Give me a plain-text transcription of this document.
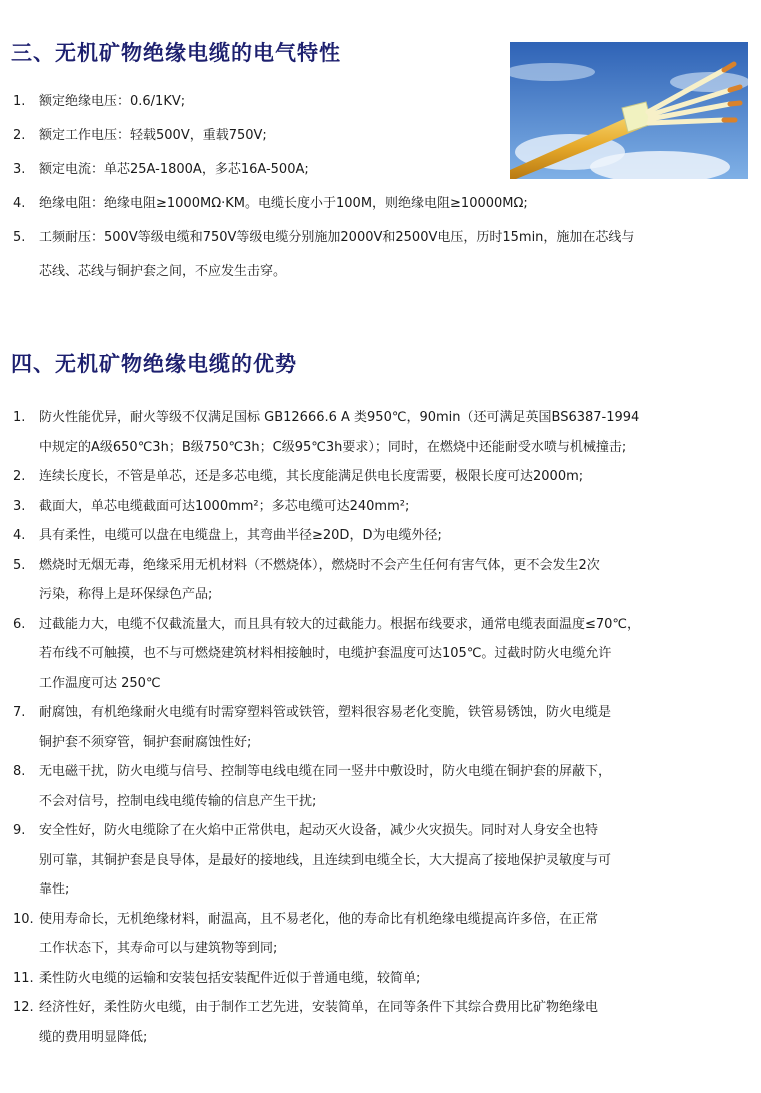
三、无机矿物绝缘电缆的电气特性
1. 额定绝缘电压：0.6/1KV;
2. 额定工作电压：轻载500V，重载750V;
3. 额定电流：单芯25A-1800A，多芯16A-500A;
4. 绝缘电阻：绝缘电阻≥1000MΩ·KM。电缆长度小于100M，则绝缘电阻≥10000MΩ;
5. 工频耐压：500V等级电缆和750V等级电缆分别施加2000V和2500V电压，历时15min，施加在芯线与
芯线、芯线与铜护套之间，不应发生击穿。
四、无机矿物绝缘电缆的优势
1. 防火性能优异，耐火等级不仅满足国标 GB12666.6 A 类950℃，90min（还可满足英国BS6387-1994
中规定的A级650℃3h；B级750℃3h；C级95℃3h要求）；同时，在燃烧中还能耐受水喷与机械撞击;
2. 连续长度长，不管是单芯，还是多芯电缆，其长度能满足供电长度需要，极限长度可达2000m;
3. 截面大，单芯电缆截面可达1000mm²；多芯电缆可达240mm²;
4. 具有柔性，电缆可以盘在电缆盘上，其弯曲半径≥20D，D为电缆外径;
5. 燃烧时无烟无毒，绝缘采用无机材料（不燃烧体），燃烧时不会产生任何有害气体，更不会发生2次
污染，称得上是环保绿色产品;
6. 过截能力大，电缆不仅截流量大，而且具有较大的过截能力。根据布线要求，通常电缆表面温度≤70℃，
若布线不可触摸，也不与可燃烧建筑材料相接触时，电缆护套温度可达105℃。过截时防火电缆允许
工作温度可达 250℃
7. 耐腐蚀，有机绝缘耐火电缆有时需穿塑料管或铁管，塑料很容易老化变脆，铁管易锈蚀，防火电缆是
铜护套不须穿管，铜护套耐腐蚀性好;
8. 无电磁干扰，防火电缆与信号、控制等电线电缆在同一竖井中敷设时，防火电缆在铜护套的屏蔽下，
不会对信号，控制电线电缆传输的信息产生干扰;
9. 安全性好，防火电缆除了在火焰中正常供电，起动灭火设备，减少火灾损失。同时对人身安全也特
别可靠，其铜护套是良导体，是最好的接地线，且连续到电缆全长，大大提高了接地保护灵敏度与可
靠性;
10. 使用寿命长，无机绝缘材料，耐温高，且不易老化，他的寿命比有机绝缘电缆提高许多倍，在正常
工作状态下，其寿命可以与建筑物等到同;
11. 柔性防火电缆的运输和安装包括安装配件近似于普通电缆，较简单;
12. 经济性好，柔性防火电缆，由于制作工艺先进，安装简单，在同等条件下其综合费用比矿物绝缘电
缆的费用明显降低;
